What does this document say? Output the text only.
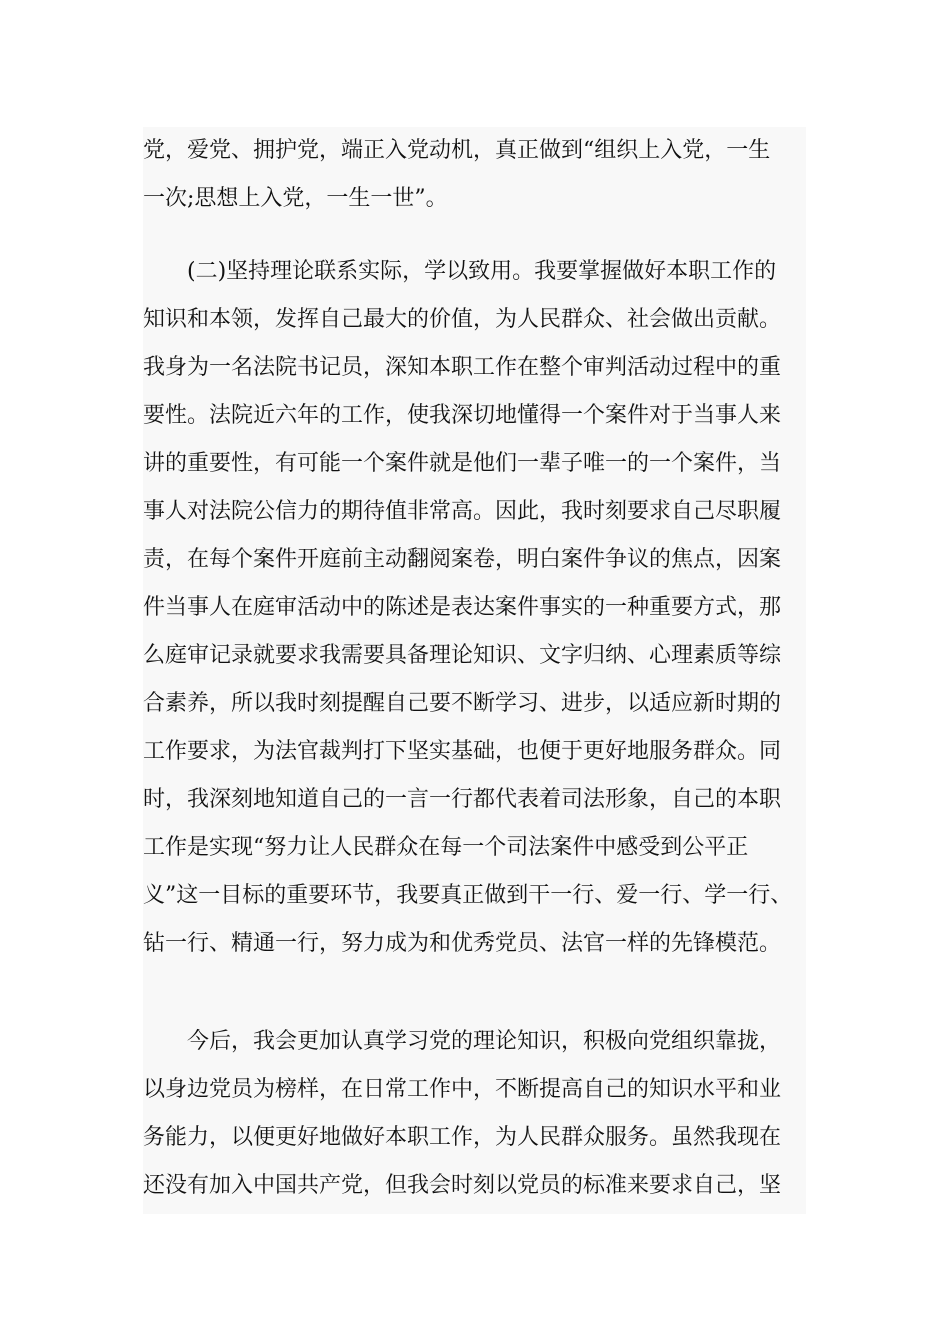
党，爱党、拥护党，端正入党动机，真正做到“组织上入党，一生
一次;思想上入党，一生一世”。
(二)坚持理论联系实际，学以致用。我要掌握做好本职工作的
知识和本领，发挥自己最大的价值，为人民群众、社会做出贡献。
我身为一名法院书记员，深知本职工作在整个审判活动过程中的重
要性。法院近六年的工作，使我深切地懂得一个案件对于当事人来
讲的重要性，有可能一个案件就是他们一辈子唯一的一个案件，当
事人对法院公信力的期待值非常高。因此，我时刻要求自己尽职履
责，在每个案件开庭前主动翻阅案卷，明白案件争议的焦点，因案
件当事人在庭审活动中的陈述是表达案件事实的一种重要方式，那
么庭审记录就要求我需要具备理论知识、文字归纳、心理素质等综
合素养，所以我时刻提醒自己要不断学习、进步，以适应新时期的
工作要求，为法官裁判打下坚实基础，也便于更好地服务群众。同
时，我深刻地知道自己的一言一行都代表着司法形象，自己的本职
工作是实现“努力让人民群众在每一个司法案件中感受到公平正
义”这一目标的重要环节，我要真正做到干一行、爱一行、学一行、
钻一行、精通一行，努力成为和优秀党员、法官一样的先锋模范。
今后，我会更加认真学习党的理论知识，积极向党组织靠拢，
以身边党员为榜样，在日常工作中，不断提高自己的知识水平和业
务能力，以便更好地做好本职工作，为人民群众服务。虽然我现在
还没有加入中国共产党，但我会时刻以党员的标准来要求自己，坚
